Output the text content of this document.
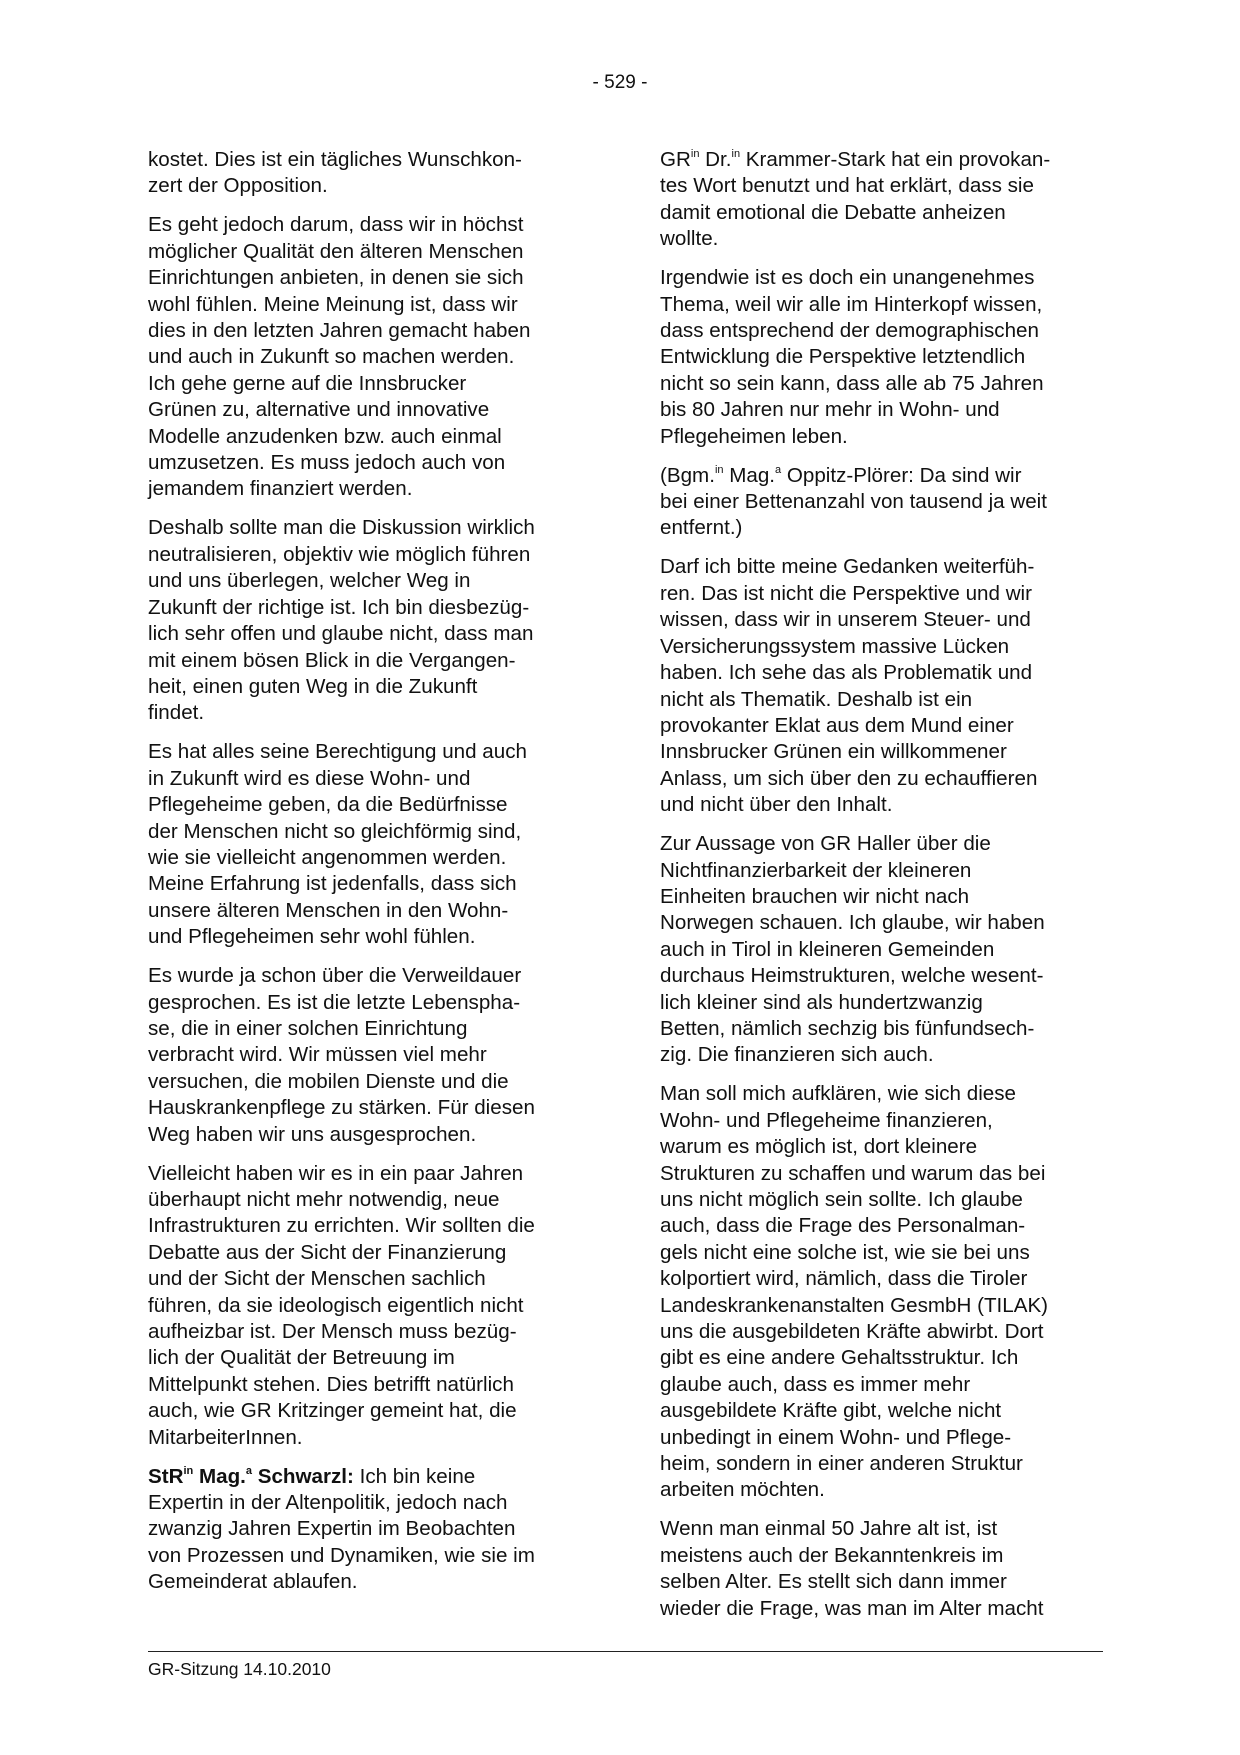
- 529 -

kostet. Dies ist ein tägliches Wunschkon-
zert der Opposition.

Es geht jedoch darum, dass wir in höchst
möglicher Qualität den älteren Menschen
Einrichtungen anbieten, in denen sie sich
wohl fühlen. Meine Meinung ist, dass wir
dies in den letzten Jahren gemacht haben
und auch in Zukunft so machen werden.
Ich gehe gerne auf die Innsbrucker
Grünen zu, alternative und innovative
Modelle anzudenken bzw. auch einmal
umzusetzen. Es muss jedoch auch von
jemandem finanziert werden.

Deshalb sollte man die Diskussion wirklich
neutralisieren, objektiv wie möglich führen
und uns überlegen, welcher Weg in
Zukunft der richtige ist. Ich bin diesbezüg-
lich sehr offen und glaube nicht, dass man
mit einem bösen Blick in die Vergangen-
heit, einen guten Weg in die Zukunft
findet.

Es hat alles seine Berechtigung und auch
in Zukunft wird es diese Wohn- und
Pflegeheime geben, da die Bedürfnisse
der Menschen nicht so gleichförmig sind,
wie sie vielleicht angenommen werden.
Meine Erfahrung ist jedenfalls, dass sich
unsere älteren Menschen in den Wohn-
und Pflegeheimen sehr wohl fühlen.

Es wurde ja schon über die Verweildauer
gesprochen. Es ist die letzte Lebenspha-
se, die in einer solchen Einrichtung
verbracht wird. Wir müssen viel mehr
versuchen, die mobilen Dienste und die
Hauskrankenpflege zu stärken. Für diesen
Weg haben wir uns ausgesprochen.

Vielleicht haben wir es in ein paar Jahren
überhaupt nicht mehr notwendig, neue
Infrastrukturen zu errichten. Wir sollten die
Debatte aus der Sicht der Finanzierung
und der Sicht der Menschen sachlich
führen, da sie ideologisch eigentlich nicht
aufheizbar ist. Der Mensch muss bezüg-
lich der Qualität der Betreuung im
Mittelpunkt stehen. Dies betrifft natürlich
auch, wie GR Kritzinger gemeint hat, die
MitarbeiterInnen.

StR$^{in}$ Mag.$^a$ Schwarzl: Ich bin keine
Expertin in der Altenpolitik, jedoch nach
zwanzig Jahren Expertin im Beobachten
von Prozessen und Dynamiken, wie sie im
Gemeinderat ablaufen.

$GR^{in}$ Dr.$^{in}$ Krammer-Stark hat ein provokan-
tes Wort benutzt und hat erklärt, dass sie
damit emotional die Debatte anheizen
wollte.

Irgendwie ist es doch ein unangenehmes
Thema, weil wir alle im Hinterkopf wissen,
dass entsprechend der demographischen
Entwicklung die Perspektive letztendlich
nicht so sein kann, dass alle ab 75 Jahren
bis 80 Jahren nur mehr in Wohn- und
Pflegeheimen leben.

(Bgm.$^{in}$ Mag.$^a$ Oppitz-Plörer: Da sind wir
bei einer Bettenanzahl von tausend ja weit
entfernt.)

Darf ich bitte meine Gedanken weiterfüh-
ren. Das ist nicht die Perspektive und wir
wissen, dass wir in unserem Steuer- und
Versicherungssystem massive Lücken
haben. Ich sehe das als Problematik und
nicht als Thematik. Deshalb ist ein
provokanter Eklat aus dem Mund einer
Innsbrucker Grünen ein willkommener
Anlass, um sich über den zu echauffieren
und nicht über den Inhalt.

Zur Aussage von GR Haller über die
Nichtfinanzierbarkeit der kleineren
Einheiten brauchen wir nicht nach
Norwegen schauen. Ich glaube, wir haben
auch in Tirol in kleineren Gemeinden
durchaus Heimstrukturen, welche wesent-
lich kleiner sind als hundertzwanzig
Betten, nämlich sechzig bis fünfundsech-
zig. Die finanzieren sich auch.

Man soll mich aufklären, wie sich diese
Wohn- und Pflegeheime finanzieren,
warum es möglich ist, dort kleinere
Strukturen zu schaffen und warum das bei
uns nicht möglich sein sollte. Ich glaube
auch, dass die Frage des Personalman-
gels nicht eine solche ist, wie sie bei uns
kolportiert wird, nämlich, dass die Tiroler
Landeskrankenanstalten GesmbH (TILAK)
uns die ausgebildeten Kräfte abwirbt. Dort
gibt es eine andere Gehaltsstruktur. Ich
glaube auch, dass es immer mehr
ausgebildete Kräfte gibt, welche nicht
unbedingt in einem Wohn- und Pflege-
heim, sondern in einer anderen Struktur
arbeiten möchten.

Wenn man einmal 50 Jahre alt ist, ist
meistens auch der Bekanntenkreis im
selben Alter. Es stellt sich dann immer
wieder die Frage, was man im Alter macht

GR-Sitzung 14.10.2010
